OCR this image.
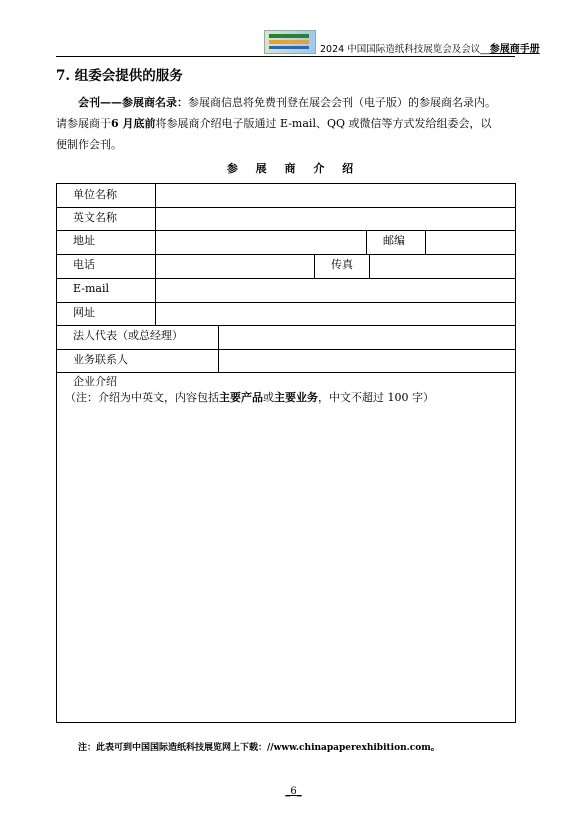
2024 中国国际造纸科技展览会及会议__参展商手册
7. 组委会提供的服务
会刊——参展商名录：参展商信息将免费刊登在展会会刊（电子版）的参展商名录内。
请参展商于6 月底前将参展商介绍电子版通过 E-mail、QQ 或微信等方式发给组委会，以
便制作会刊。
参 展 商 介 绍
单位名称
英文名称
地址	邮编
电话	传真
E-mail
网址
法人代表（或总经理）
业务联系人
企业介绍
（注：介绍为中英文，内容包括主要产品或主要业务，中文不超过 100 字）
注：此表可到中国国际造纸科技展览网上下载：//www.chinapaperexhibition.com。
_6_
